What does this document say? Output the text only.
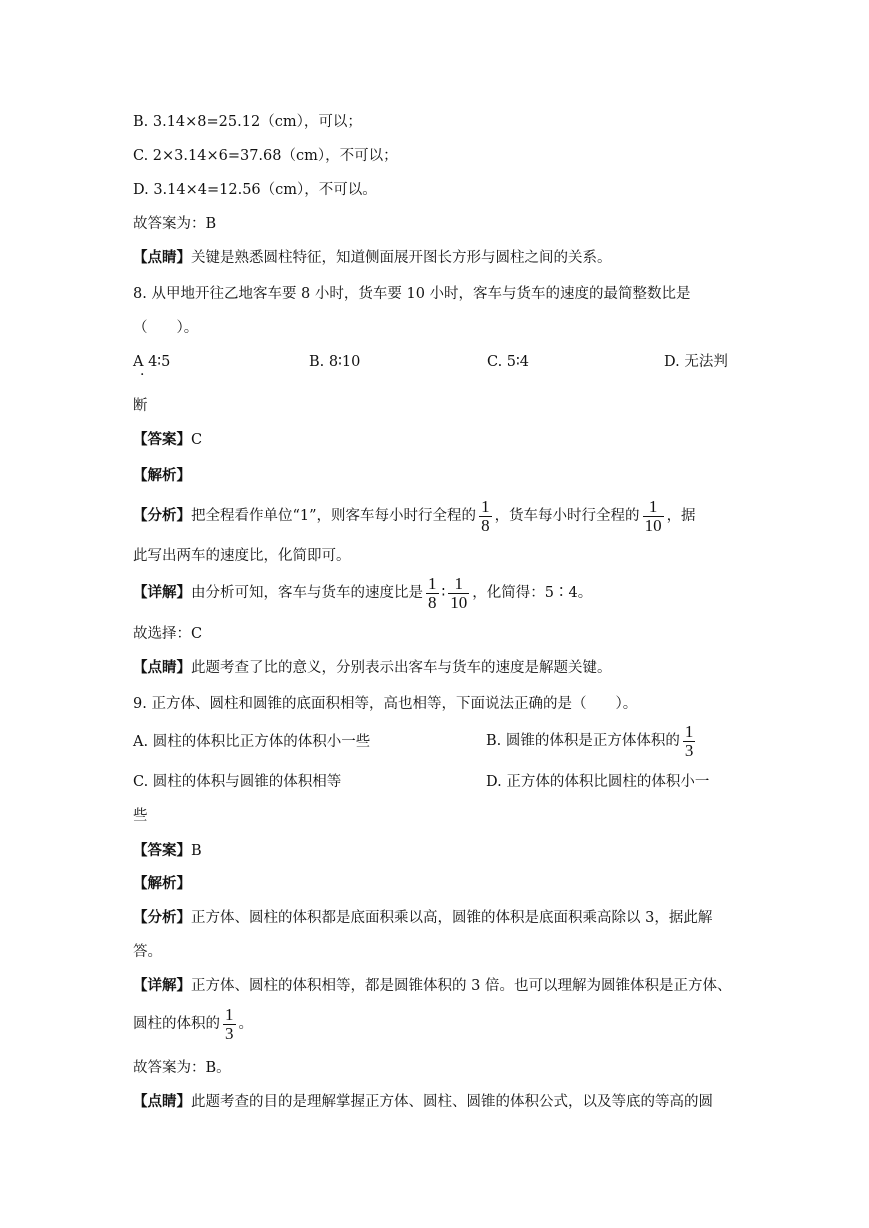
B. 3.14×8=25.12（cm），可以；
C. 2×3.14×6=37.68（cm），不可以；
D. 3.14×4=12.56（cm），不可以。
故答案为：B
【点睛】关键是熟悉圆柱特征，知道侧面展开图长方形与圆柱之间的关系。
8. 从甲地开往乙地客车要 8 小时，货车要 10 小时，客车与货车的速度的最简整数比是
（　　）。
A 4∶5
·
B. 8∶10	C. 5∶4	D. 无法判
断
【答案】C
【解析】
【分析】把全程看作单位“1”，则客车每小时行全程的 $\frac{1}{8}$ ，货车每小时行全程的 $\frac{1}{10}$ ，据
此写出两车的速度比，化简即可。
【详解】由分析可知，客车与货车的速度比是 $\frac{1}{8}$ ∶ $\frac{1}{10}$ ，化简得：5∶4。
故选择：C
【点睛】此题考查了比的意义，分别表示出客车与货车的速度是解题关键。
9. 正方体、圆柱和圆锥的底面积相等，高也相等，下面说法正确的是（　　）。
A. 圆柱的体积比正方体的体积小一些	B. 圆锥的体积是正方体体积的 $\frac{1}{3}$
C. 圆柱的体积与圆锥的体积相等	D. 正方体的体积比圆柱的体积小一
些
【答案】B
【解析】
【分析】正方体、圆柱的体积都是底面积乘以高，圆锥的体积是底面积乘高除以 3，据此解
答。
【详解】正方体、圆柱的体积相等，都是圆锥体积的 3 倍。也可以理解为圆锥体积是正方体、
圆柱的体积的 $\frac{1}{3}$ 。
故答案为：B。
【点睛】此题考查的目的是理解掌握正方体、圆柱、圆锥的体积公式，以及等底的等高的圆
